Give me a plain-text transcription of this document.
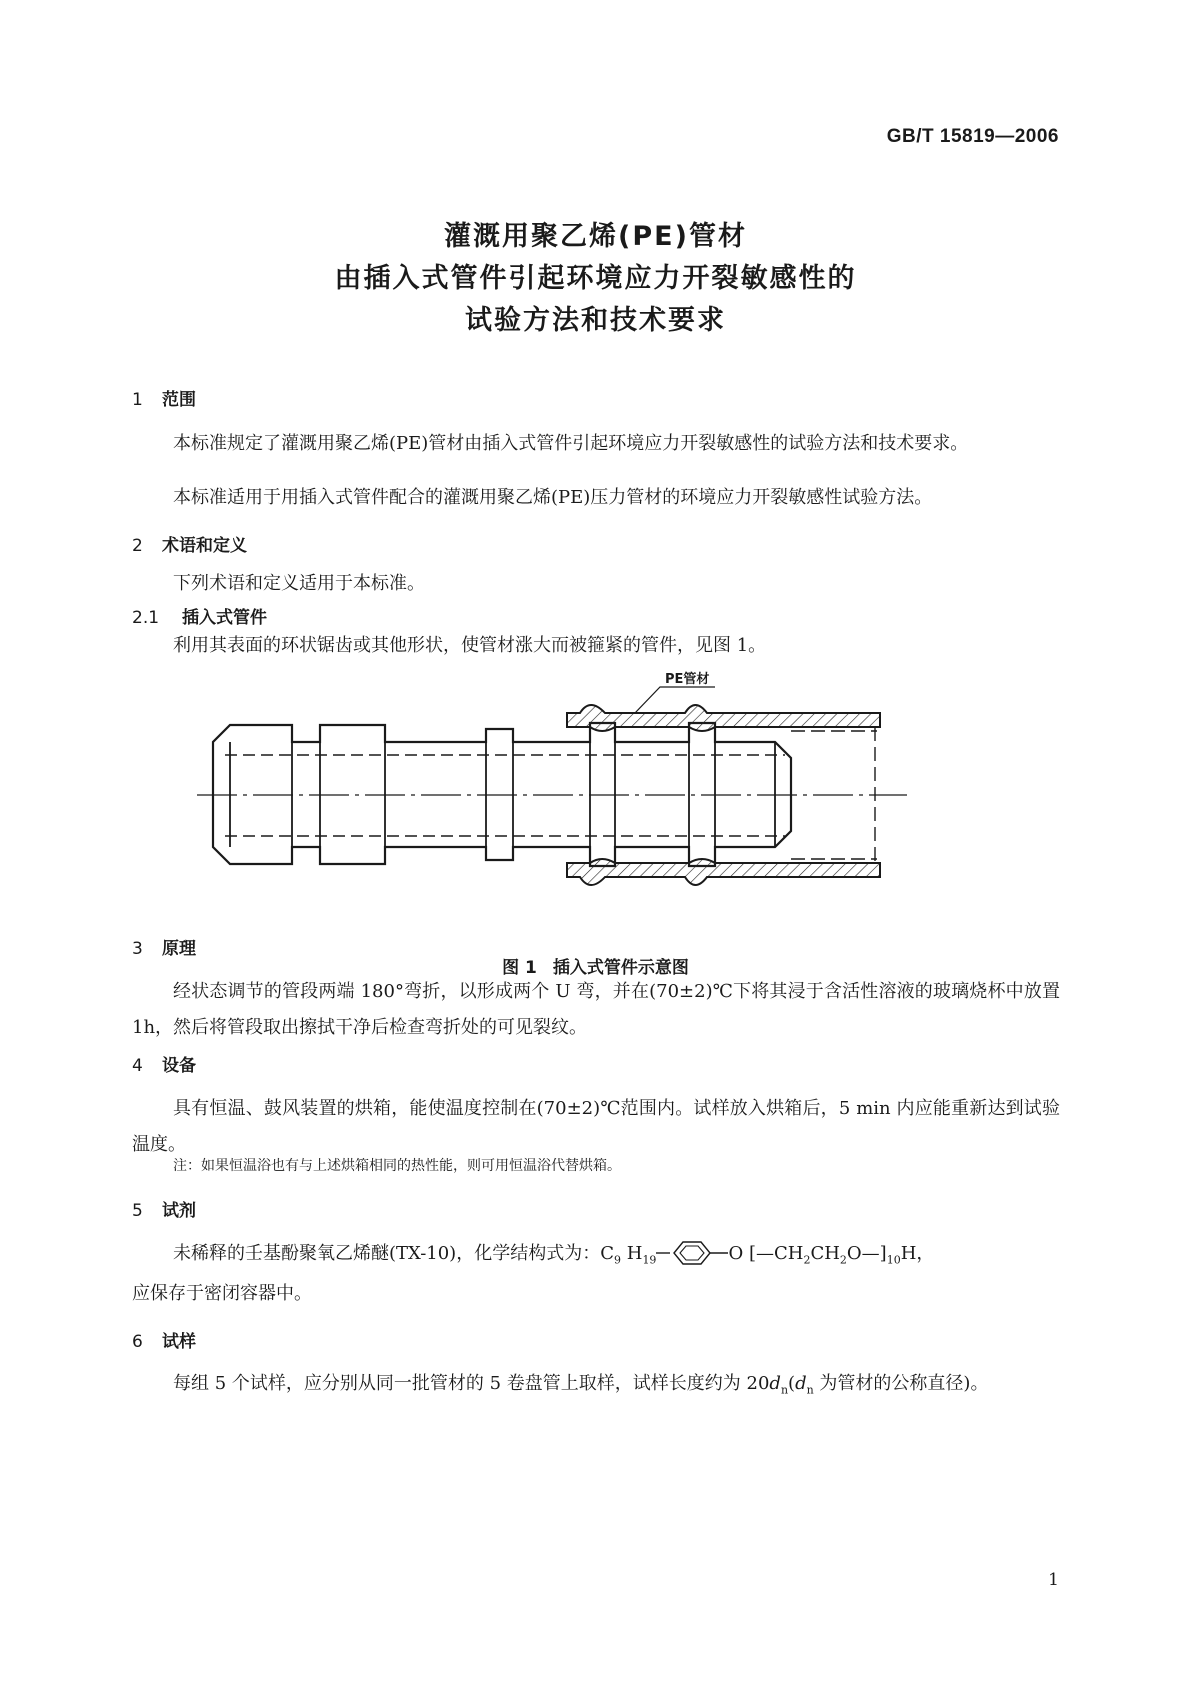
GB/T 15819—2006
灌溉用聚乙烯(PE)管材
由插入式管件引起环境应力开裂敏感性的
试验方法和技术要求
1 范围
本标准规定了灌溉用聚乙烯(PE)管材由插入式管件引起环境应力开裂敏感性的试验方法和技术要求。
本标准适用于用插入式管件配合的灌溉用聚乙烯(PE)压力管材的环境应力开裂敏感性试验方法。
2 术语和定义
下列术语和定义适用于本标准。
2.1 插入式管件
利用其表面的环状锯齿或其他形状，使管材涨大而被箍紧的管件，见图 1。
PE管材
图 1 插入式管件示意图
3 原理
经状态调节的管段两端 180°弯折，以形成两个 U 弯，并在(70±2)℃下将其浸于含活性溶液的玻璃烧杯中放置 1h，然后将管段取出擦拭干净后检查弯折处的可见裂纹。
4 设备
具有恒温、鼓风装置的烘箱，能使温度控制在(70±2)℃范围内。试样放入烘箱后，5 min 内应能重新达到试验温度。
注：如果恒温浴也有与上述烘箱相同的热性能，则可用恒温浴代替烘箱。
5 试剂
未稀释的壬基酚聚氧乙烯醚(TX-10)，化学结构式为：$C_9$ $H_{19}$	O $[—CH_2CH_2O—]_{10}H$，
应保存于密闭容器中。
6 试样
每组 5 个试样，应分别从同一批管材的 5 卷盘管上取样，试样长度约为 $20d_n(d_n$ 为管材的公称直径)。
1
